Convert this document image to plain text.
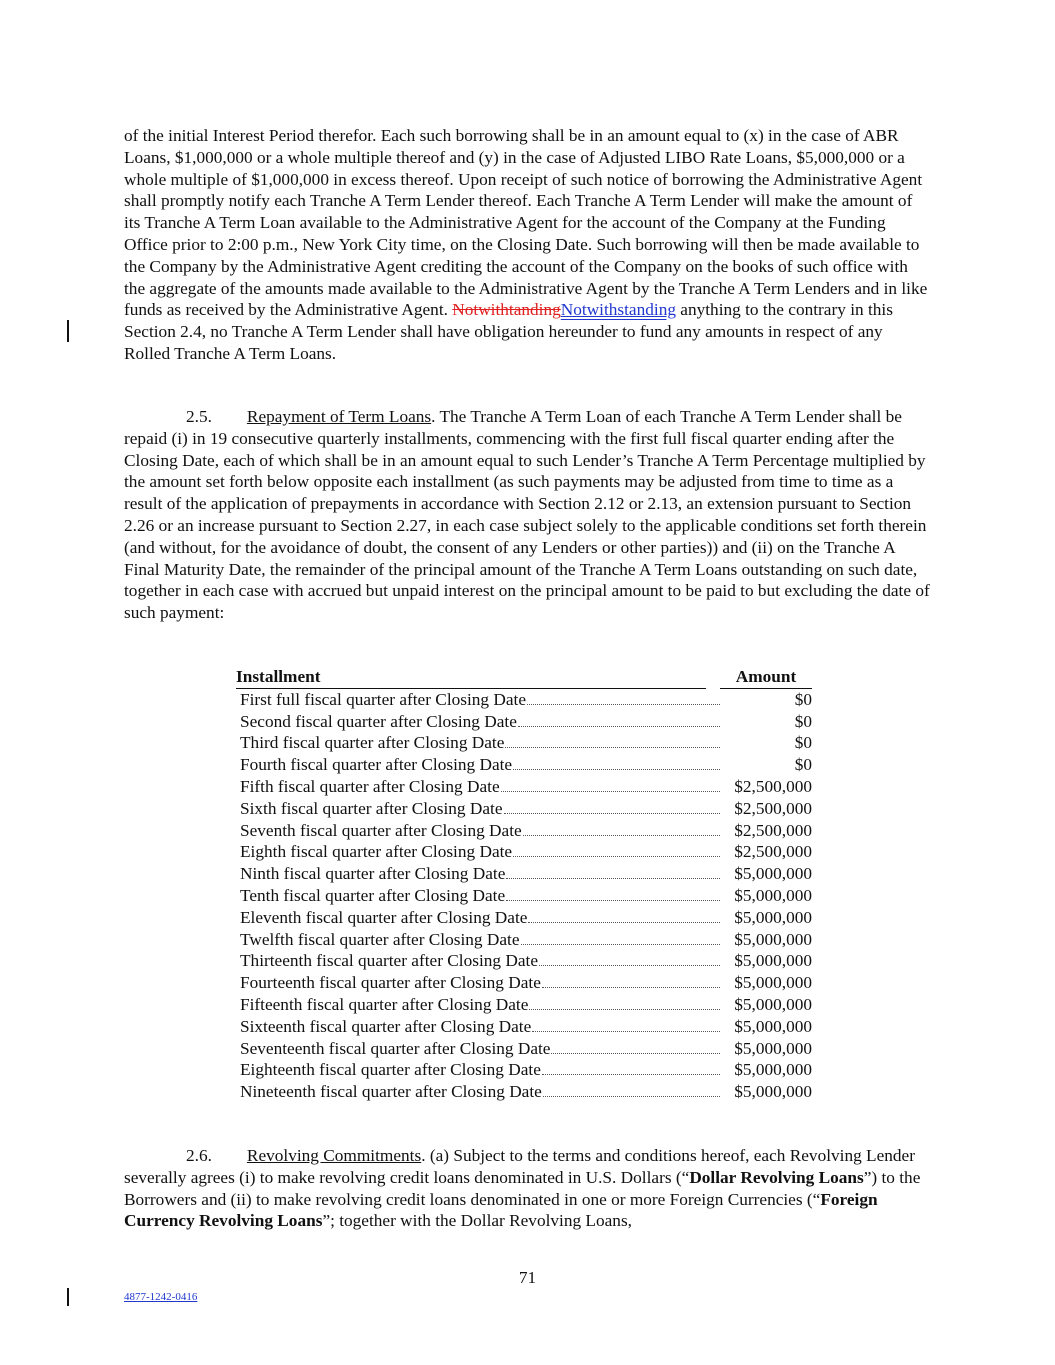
of the initial Interest Period therefor. Each such borrowing shall be in an amount equal to (x) in the case of ABR Loans, $1,000,000 or a whole multiple thereof and (y) in the case of Adjusted LIBO Rate Loans, $5,000,000 or a whole multiple of $1,000,000 in excess thereof. Upon receipt of such notice of borrowing the Administrative Agent shall promptly notify each Tranche A Term Lender thereof. Each Tranche A Term Lender will make the amount of its Tranche A Term Loan available to the Administrative Agent for the account of the Company at the Funding Office prior to 2:00 p.m., New York City time, on the Closing Date. Such borrowing will then be made available to the Company by the Administrative Agent crediting the account of the Company on the books of such office with the aggregate of the amounts made available to the Administrative Agent by the Tranche A Term Lenders and in like funds as received by the Administrative Agent. NotwithtandingNotwithstanding anything to the contrary in this Section 2.4, no Tranche A Term Lender shall have obligation hereunder to fund any amounts in respect of any Rolled Tranche A Term Loans.

2.5. Repayment of Term Loans. The Tranche A Term Loan of each Tranche A Term Lender shall be repaid (i) in 19 consecutive quarterly installments, commencing with the first full fiscal quarter ending after the Closing Date, each of which shall be in an amount equal to such Lender’s Tranche A Term Percentage multiplied by the amount set forth below opposite each installment (as such payments may be adjusted from time to time as a result of the application of prepayments in accordance with Section 2.12 or 2.13, an extension pursuant to Section 2.26 or an increase pursuant to Section 2.27, in each case subject solely to the applicable conditions set forth therein (and without, for the avoidance of doubt, the consent of any Lenders or other parties)) and (ii) on the Tranche A Final Maturity Date, the remainder of the principal amount of the Tranche A Term Loans outstanding on such date, together in each case with accrued but unpaid interest on the principal amount to be paid to but excluding the date of such payment:

Installment		Amount

First full fiscal quarter after Closing Date		$0

Second fiscal quarter after Closing Date		$0

Third fiscal quarter after Closing Date		$0

Fourth fiscal quarter after Closing Date		$0

Fifth fiscal quarter after Closing Date		$2,500,000

Sixth fiscal quarter after Closing Date		$2,500,000

Seventh fiscal quarter after Closing Date		$2,500,000

Eighth fiscal quarter after Closing Date		$2,500,000

Ninth fiscal quarter after Closing Date		$5,000,000

Tenth fiscal quarter after Closing Date		$5,000,000

Eleventh fiscal quarter after Closing Date		$5,000,000

Twelfth fiscal quarter after Closing Date		$5,000,000

Thirteenth fiscal quarter after Closing Date		$5,000,000

Fourteenth fiscal quarter after Closing Date		$5,000,000

Fifteenth fiscal quarter after Closing Date		$5,000,000

Sixteenth fiscal quarter after Closing Date		$5,000,000

Seventeenth fiscal quarter after Closing Date		$5,000,000

Eighteenth fiscal quarter after Closing Date		$5,000,000

Nineteenth fiscal quarter after Closing Date		$5,000,000

2.6. Revolving Commitments. (a) Subject to the terms and conditions hereof, each Revolving Lender severally agrees (i) to make revolving credit loans denominated in U.S. Dollars (“Dollar Revolving Loans”) to the Borrowers and (ii) to make revolving credit loans denominated in one or more Foreign Currencies (“Foreign Currency Revolving Loans”; together with the Dollar Revolving Loans,

71
4877-1242-0416
